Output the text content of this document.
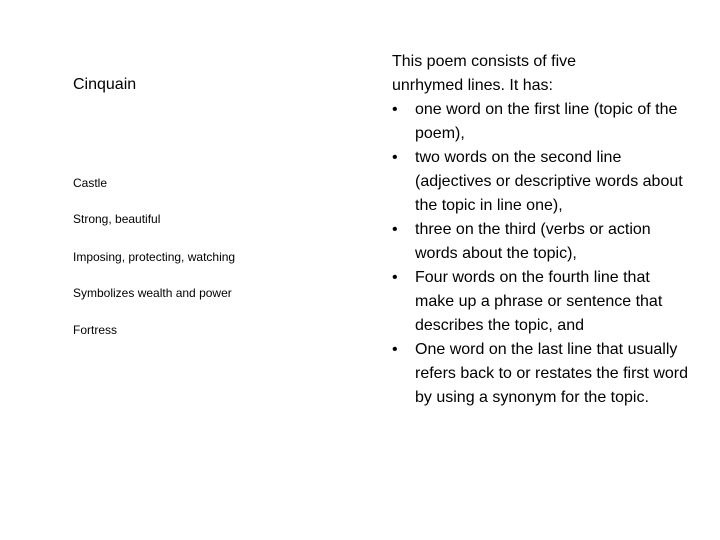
Cinquain
Castle
Strong, beautiful
Imposing, protecting, watching
Symbolizes wealth and power
Fortress

This poem consists of five
unrhymed lines. It has:

•	one word on the first line (topic of the poem),
•	two words on the second line (adjectives or descriptive words about the topic in line one),
•	three on the third (verbs or action words about the topic),
•	Four words on the fourth line that make up a phrase or sentence that describes the topic, and
•	One word on the last line that usually refers back to or restates the first word by using a synonym for the topic.
